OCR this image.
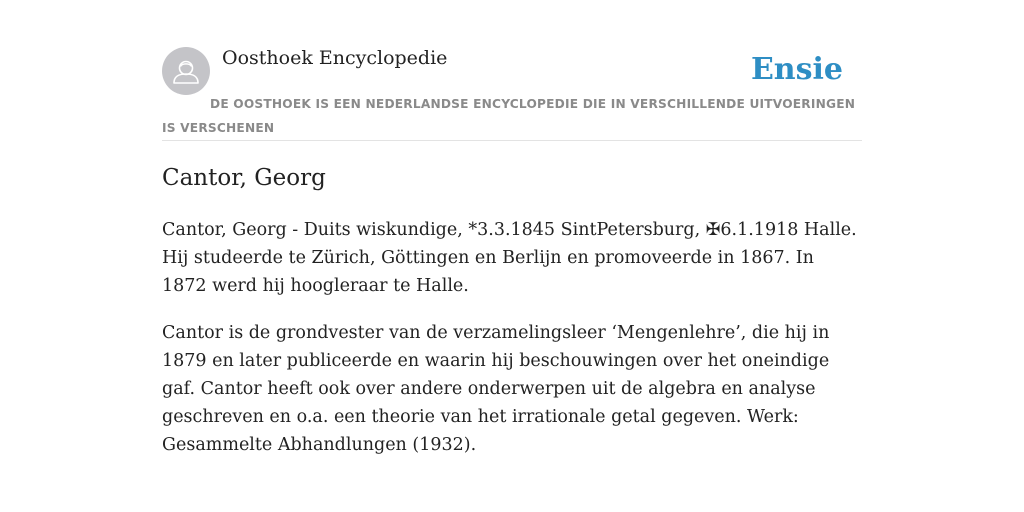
Oosthoek Encyclopedie	Ensie
DE OOSTHOEK IS EEN NEDERLANDSE ENCYCLOPEDIE DIE IN VERSCHILLENDE UITVOERINGEN IS VERSCHENEN
Cantor, Georg

Cantor, Georg - Duits wiskundige, *3.3.1845 SintPetersburg, ✠6.1.1918 Halle. Hij studeerde te Zürich, Göttingen en Berlijn en promoveerde in 1867. In 1872 werd hij hoogleraar te Halle.

Cantor is de grondvester van de verzamelingsleer ‘Mengenlehre’, die hij in 1879 en later publiceerde en waarin hij beschouwingen over het oneindige gaf. Cantor heeft ook over andere onderwerpen uit de algebra en analyse geschreven en o.a. een theorie van het irrationale getal gegeven. Werk: Gesammelte Abhandlungen (1932).
